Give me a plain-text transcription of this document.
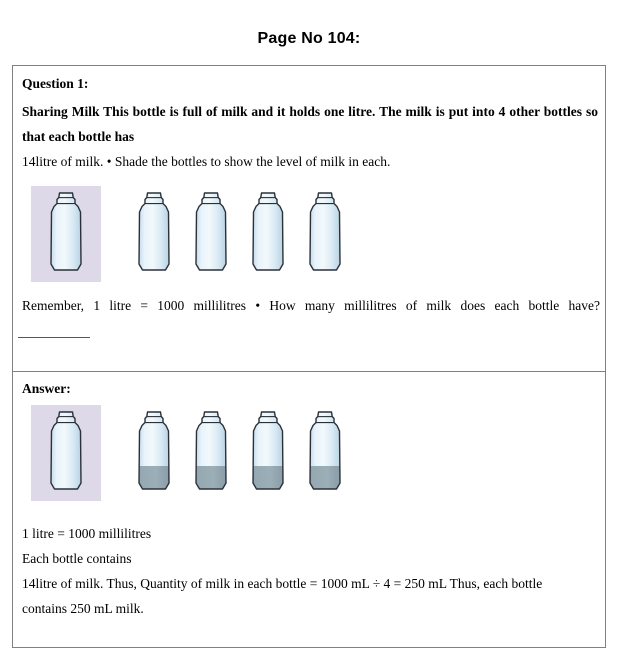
Page No 104:
Question 1:
Sharing Milk This bottle is full of milk and it holds one litre. The milk is put into 4 other bottles so that each bottle has
14litre of milk. • Shade the bottles to show the level of milk in each.
Remember, 1 litre = 1000 millilitres • How many millilitres of milk does each bottle have?
Answer:
1 litre = 1000 millilitres
Each bottle contains
14litre of milk. Thus, Quantity of milk in each bottle = 1000 mL ÷ 4 = 250 mL Thus, each bottle
contains 250 mL milk.
